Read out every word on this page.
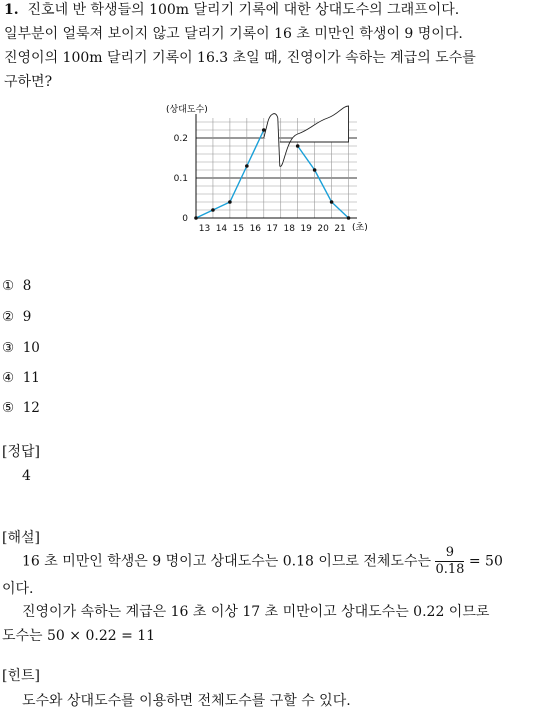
1. 진호네 반 학생들의 100m 달리기 기록에 대한 상대도수의 그래프이다.
일부분이 얼룩져 보이지 않고 달리기 기록이 16 초 미만인 학생이 9 명이다.
진영이의 100m 달리기 기록이 16.3 초일 때, 진영이가 속하는 계급의 도수를
구하면?
(상대도수)
(초)
13 14 15 16 17 18 19 20 21
0
0.1
0.2
① 8
② 9
③ 10
④ 11
⑤ 12
[정답]
4
[해설]
16 초 미만인 학생은 9 명이고 상대도수는 0.18 이므로 전체도수는 $\frac{9}{0.18} = 50$
이다.
진영이가 속하는 계급은 16 초 이상 17 초 미만이고 상대도수는 0.22 이므로
도수는 50 × 0.22 = 11
[힌트]
도수와 상대도수를 이용하면 전체도수를 구할 수 있다.
